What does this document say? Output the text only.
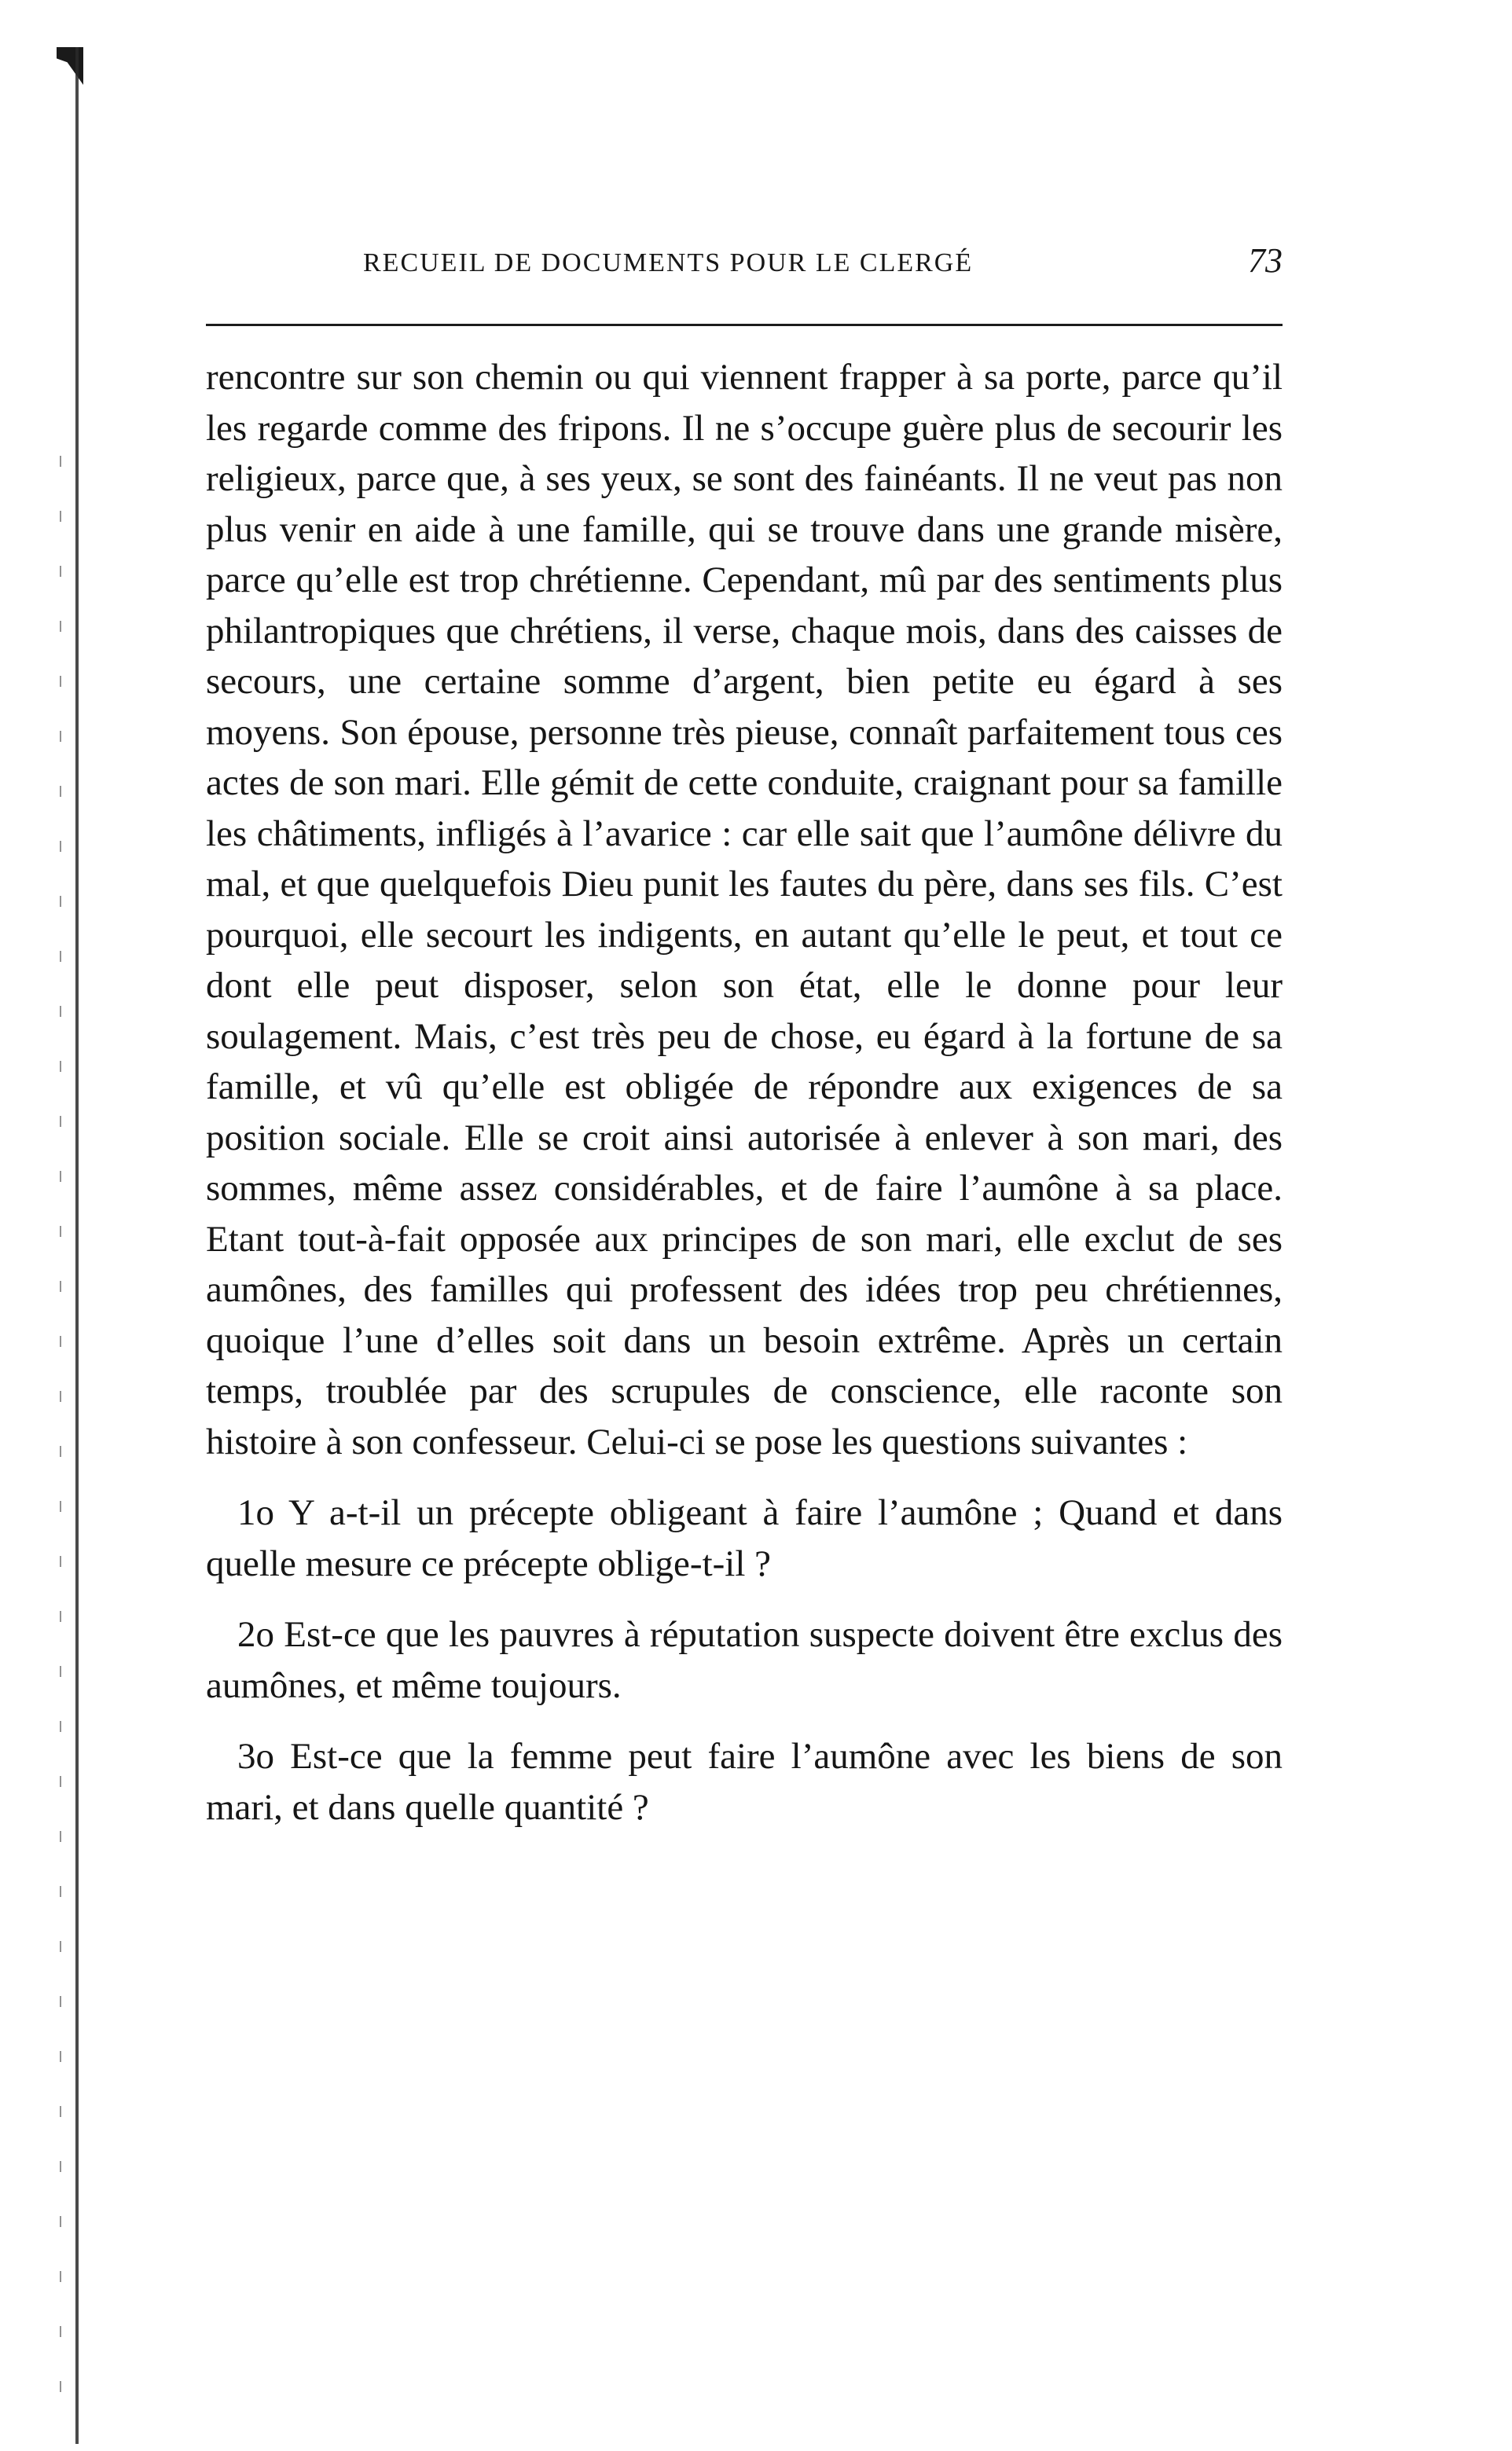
RECUEIL DE DOCUMENTS POUR LE CLERGÉ	73

rencontre sur son chemin ou qui viennent frapper à sa porte, parce qu’il les regarde comme des fripons. Il ne s’occupe guère plus de secourir les religieux, parce que, à ses yeux, se sont des fainéants. Il ne veut pas non plus venir en aide à une famille, qui se trouve dans une grande misère, parce qu’elle est trop chrétienne. Cependant, mû par des sentiments plus philantropiques que chrétiens, il verse, chaque mois, dans des caisses de secours, une certaine somme d’argent, bien petite eu égard à ses moyens. Son épouse, personne très pieuse, connaît parfaitement tous ces actes de son mari. Elle gémit de cette conduite, craignant pour sa famille les châtiments, infligés à l’avarice : car elle sait que l’aumône délivre du mal, et que quelquefois Dieu punit les fautes du père, dans ses fils. C’est pourquoi, elle secourt les indigents, en autant qu’elle le peut, et tout ce dont elle peut disposer, selon son état, elle le donne pour leur soulagement. Mais, c’est très peu de chose, eu égard à la fortune de sa famille, et vû qu’elle est obligée de répondre aux exigences de sa position sociale. Elle se croit ainsi autorisée à enlever à son mari, des sommes, même assez considérables, et de faire l’aumône à sa place. Etant tout-à-fait opposée aux principes de son mari, elle exclut de ses aumônes, des familles qui professent des idées trop peu chrétiennes, quoique l’une d’elles soit dans un besoin extrême. Après un certain temps, troublée par des scrupules de conscience, elle raconte son histoire à son confesseur. Celui-ci se pose les questions suivantes :

1o Y a-t-il un précepte obligeant à faire l’aumône ; Quand et dans quelle mesure ce précepte oblige-t-il ?

2o Est-ce que les pauvres à réputation suspecte doivent être exclus des aumônes, et même toujours.

3o Est-ce que la femme peut faire l’aumône avec les biens de son mari, et dans quelle quantité ?
